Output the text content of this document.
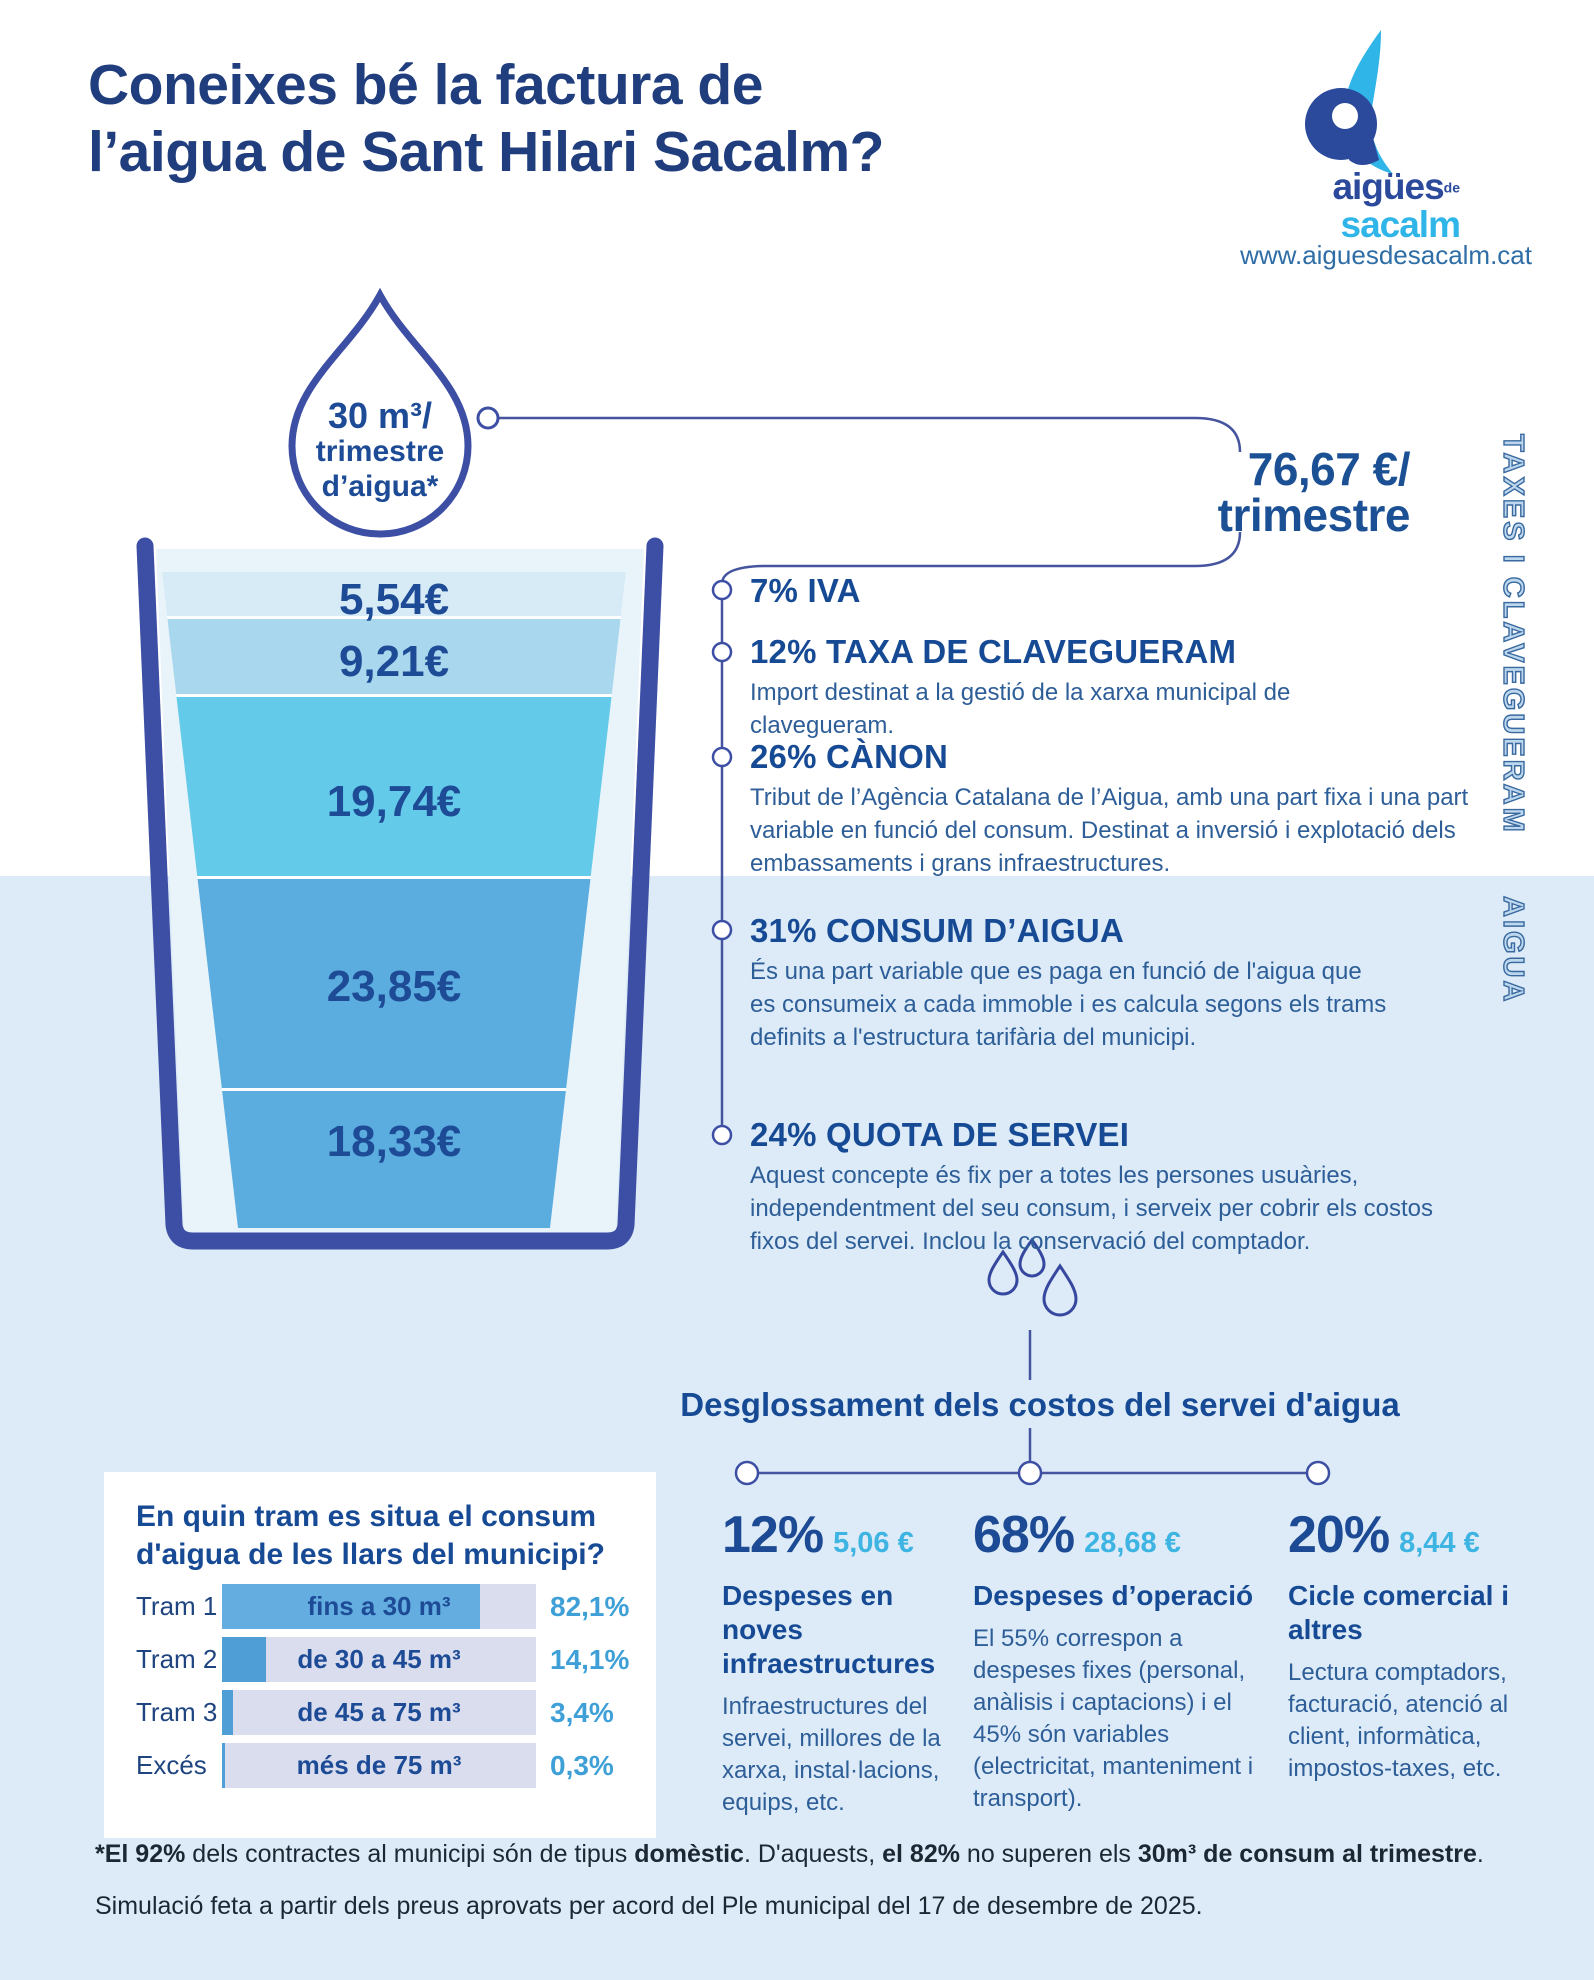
Coneixes bé la factura de
l’aigua de Sant Hilari Sacalm?
aigüesde
sacalm
www.aiguesdesacalm.cat
30 m³/
trimestre
d’aigua*	76,67 €/
trimestre
5,54€
9,21€
19,74€
23,85€
18,33€
TAXES I CLAVEGUERAM
AIGUA
7% IVA
12% TAXA DE CLAVEGUERAM
Import destinat a la gestió de la xarxa municipal de clavegueram.
26% CÀNON
Tribut de l’Agència Catalana de l’Aigua, amb una part fixa i una part variable en funció del consum. Destinat a inversió i explotació dels embassaments i grans infraestructures.
31% CONSUM D’AIGUA
És una part variable que es paga en funció de l'aigua que es consumeix a cada immoble i es calcula segons els trams definits a l'estructura tarifària del municipi.
24% QUOTA DE SERVEI
Aquest concepte és fix per a totes les persones usuàries, independentment del seu consum, i serveix per cobrir els costos fixos del servei. Inclou la conservació del comptador.
Desglossament dels costos del servei d'aigua
12% 5,06 €
Despeses en noves infraestructures
Infraestructures del servei, millores de la xarxa, instal·lacions, equips, etc.
68% 28,68 €
Despeses d’operació
El 55% correspon a despeses fixes (personal, anàlisis i captacions) i el 45% són variables (electricitat, manteniment i transport).
20% 8,44 €
Cicle comercial i altres
Lectura comptadors, facturació, atenció al client, informàtica, impostos-taxes, etc.
En quin tram es situa el consum d'aigua de les llars del municipi?
Tram 1	fins a 30 m³	82,1%
Tram 2	de 30 a 45 m³	14,1%
Tram 3	de 45 a 75 m³	3,4%
Excés	més de 75 m³	0,3%
*El 92% dels contractes al municipi són de tipus domèstic. D'aquests, el 82% no superen els 30m³ de consum al trimestre.
Simulació feta a partir dels preus aprovats per acord del Ple municipal del 17 de desembre de 2025.
